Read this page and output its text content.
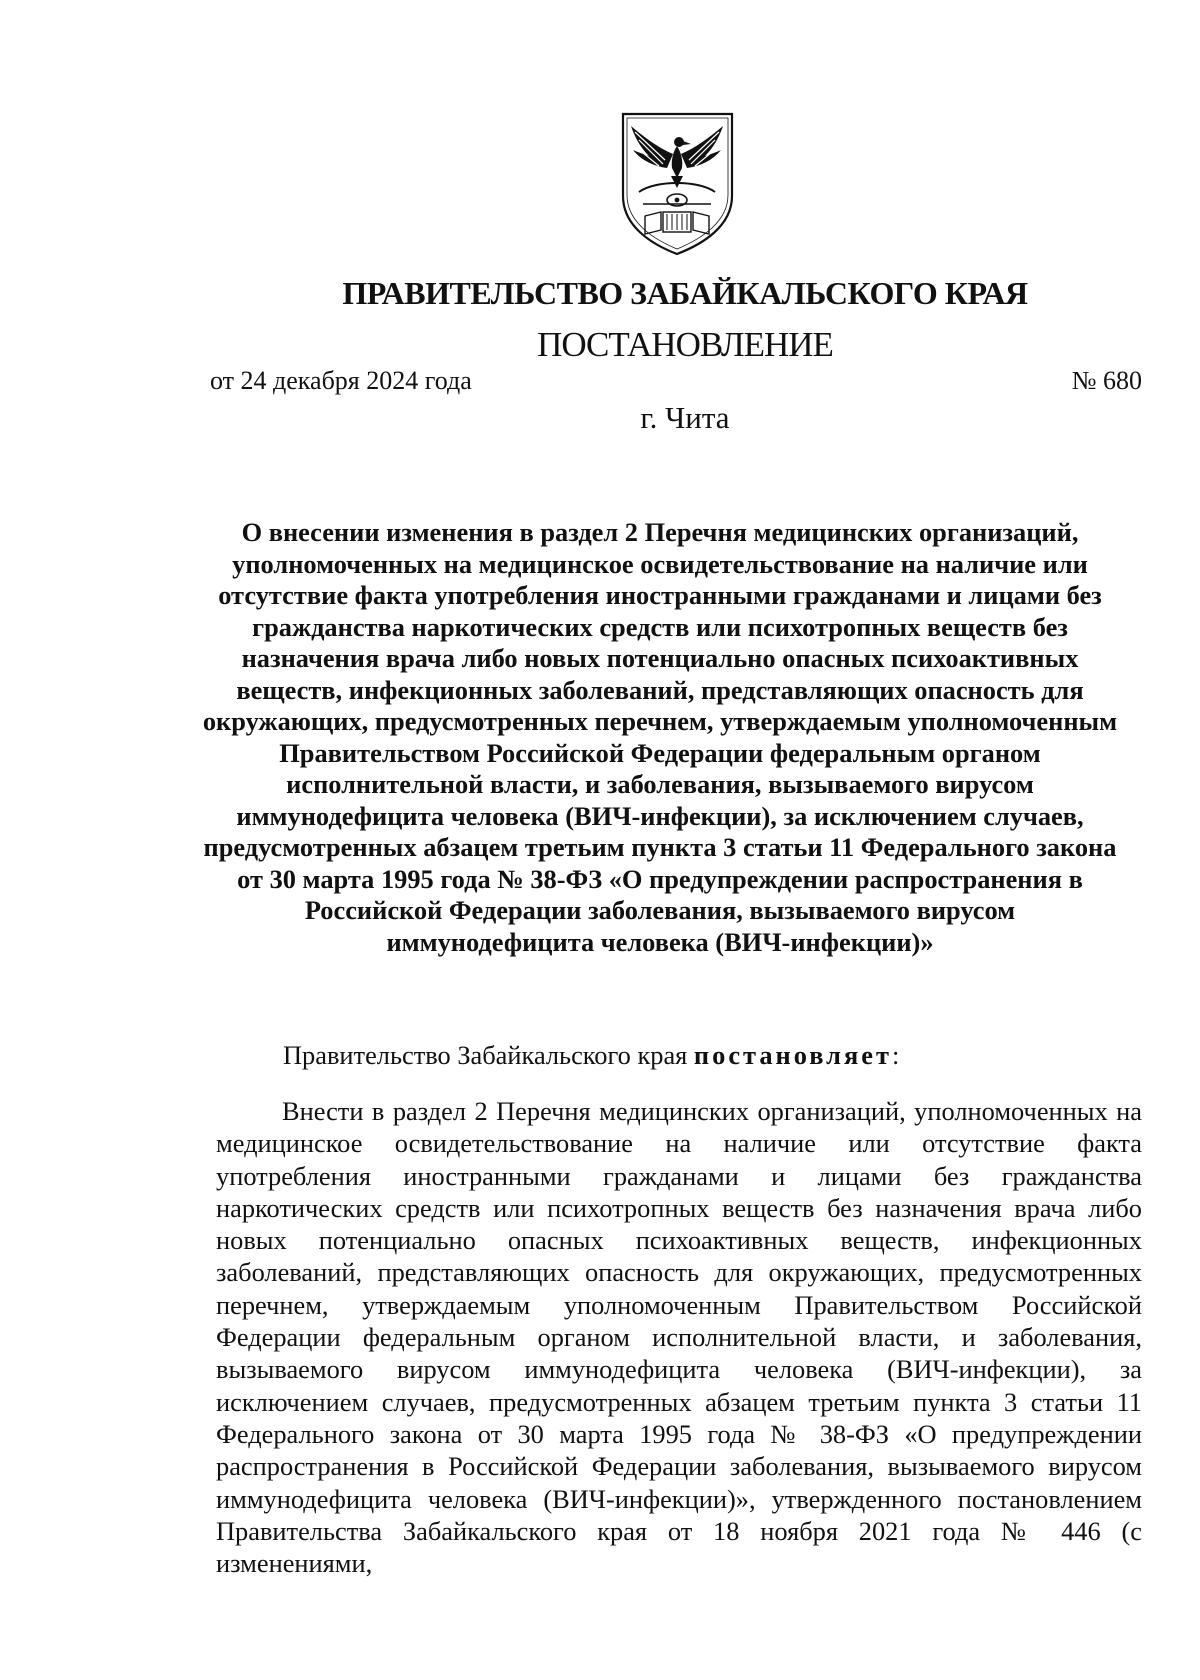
ПРАВИТЕЛЬСТВО ЗАБАЙКАЛЬСКОГО КРАЯ
ПОСТАНОВЛЕНИЕ
от 24 декабря 2024 года	№ 680
г. Чита
О внесении изменения в раздел 2 Перечня медицинских организаций, уполномоченных на медицинское освидетельствование на наличие или отсутствие факта употребления иностранными гражданами и лицами без гражданства наркотических средств или психотропных веществ без назначения врача либо новых потенциально опасных психоактивных веществ, инфекционных заболеваний, представляющих опасность для окружающих, предусмотренных перечнем, утверждаемым уполномоченным Правительством Российской Федерации федеральным органом исполнительной власти, и заболевания, вызываемого вирусом иммунодефицита человека (ВИЧ-инфекции), за исключением случаев, предусмотренных абзацем третьим пункта 3 статьи 11 Федерального закона от 30 марта 1995 года № 38-ФЗ «О предупреждении распространения в Российской Федерации заболевания, вызываемого вирусом иммунодефицита человека (ВИЧ-инфекции)»
Правительство Забайкальского края постановляет:

Внести в раздел 2 Перечня медицинских организаций, уполномоченных на медицинское освидетельствование на наличие или отсутствие факта употребления иностранными гражданами и лицами без гражданства наркотических средств или психотропных веществ без назначения врача либо новых потенциально опасных психоактивных веществ, инфекционных заболеваний, представляющих опасность для окружающих, предусмотренных перечнем, утверждаемым уполномоченным Правительством Российской Федерации федеральным органом исполнительной власти, и заболевания, вызываемого вирусом иммунодефицита человека (ВИЧ-инфекции), за исключением случаев, предусмотренных абзацем третьим пункта 3 статьи 11 Федерального закона от 30 марта 1995 года № 38-ФЗ «О предупреждении распространения в Российской Федерации заболевания, вызываемого вирусом иммунодефицита человека (ВИЧ-инфекции)», утвержденного постановлением Правительства Забайкальского края от 18 ноября 2021 года № 446 (с изменениями,
